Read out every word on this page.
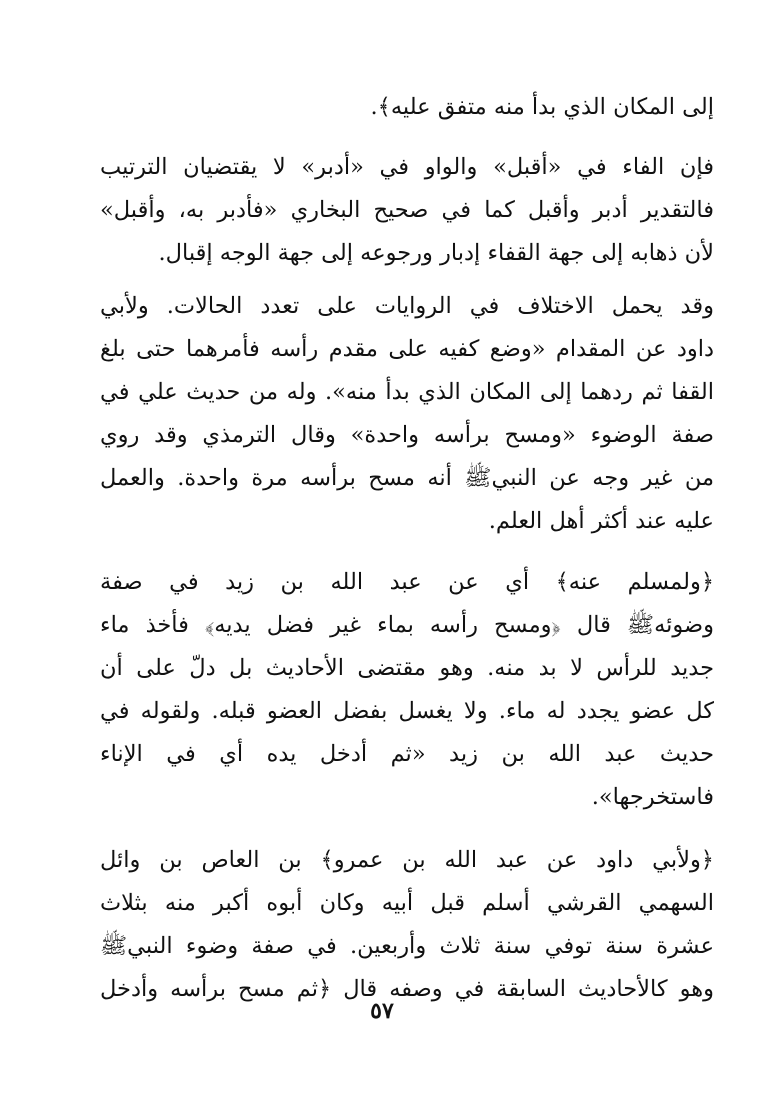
إلى المكان الذي بدأ منه متفق عليه﴾.

فإن الفاء في «أقبل» والواو في «أدبر» لا يقتضيان الترتيب
فالتقدير أدبر وأقبل كما في صحيح البخاري «فأدبر به، وأقبل»
لأن ذهابه إلى جهة القفاء إدبار ورجوعه إلى جهة الوجه إقبال.

وقد يحمل الاختلاف في الروايات على تعدد الحالات. ولأبي
داود عن المقدام «وضع كفيه على مقدم رأسه فأمرهما حتى بلغ
القفا ثم ردهما إلى المكان الذي بدأ منه». وله من حديث علي في
صفة الوضوء «ومسح برأسه واحدة» وقال الترمذي وقد روي
من غير وجه عن النبيﷺ أنه مسح برأسه مرة واحدة. والعمل
عليه عند أكثر أهل العلم.

﴿ولمسلم عنه﴾ أي عن عبد الله بن زيد في صفة
وضوئهﷺ قال ﴿ومسح رأسه بماء غير فضل يديه﴾ فأخذ ماء
جديد للرأس لا بد منه. وهو مقتضى الأحاديث بل دلّ على أن
كل عضو يجدد له ماء. ولا يغسل بفضل العضو قبله. ولقوله في
حديث عبد الله بن زيد «ثم أدخل يده أي في الإناء
فاستخرجها».

﴿ولأبي داود عن عبد الله بن عمرو﴾ بن العاص بن وائل
السهمي القرشي أسلم قبل أبيه وكان أبوه أكبر منه بثلاث
عشرة سنة توفي سنة ثلاث وأربعين. في صفة وضوء النبيﷺ
وهو كالأحاديث السابقة في وصفه قال ﴿ثم مسح برأسه وأدخل

٥٧
